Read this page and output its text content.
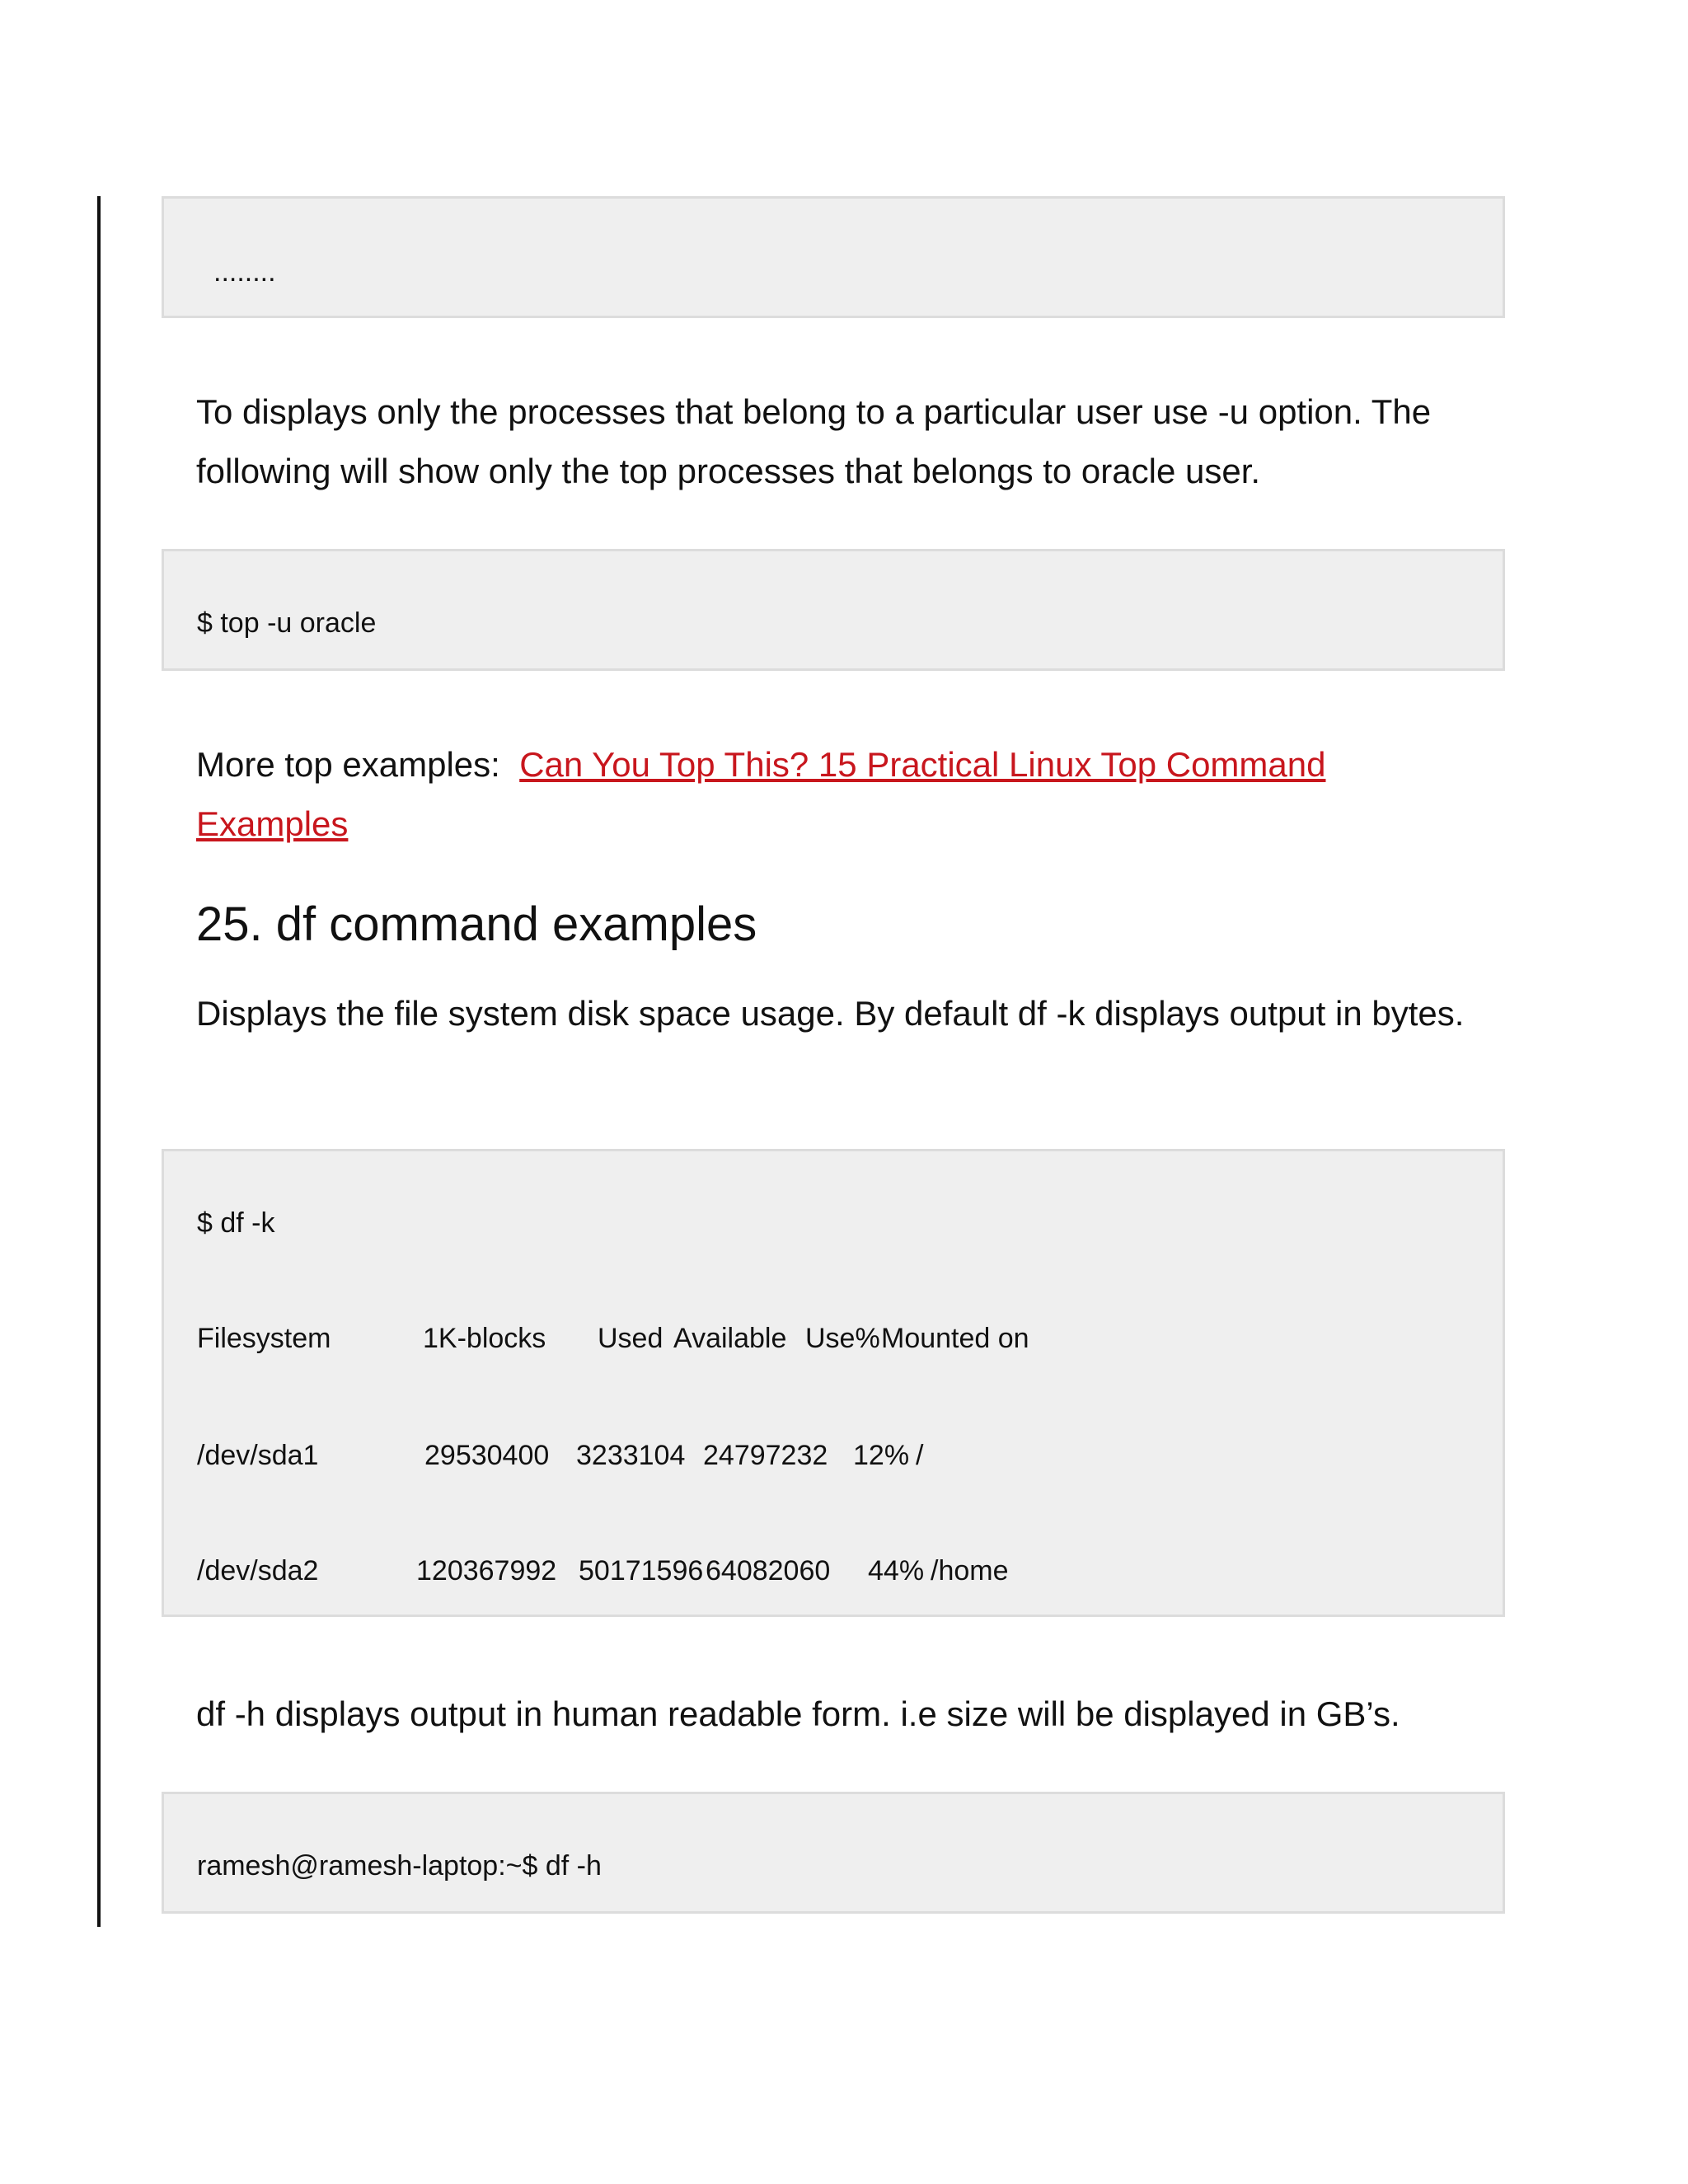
........

To displays only the processes that belong to a particular user use -u option. The following will show only the top processes that belongs to oracle user.

$ top -u oracle

More top examples: Can You Top This? 15 Practical Linux Top Command Examples

25. df command examples

Displays the file system disk space usage. By default df -k displays output in bytes.

$ df -k
Filesystem	1K-blocks Used Available Use% Mounted on
/dev/sda1	29530400 3233104 24797232 12% /
/dev/sda2	120367992 50171596 64082060 44% /home

df -h displays output in human readable form. i.e size will be displayed in GB’s.

ramesh@ramesh-laptop:~$ df -h
